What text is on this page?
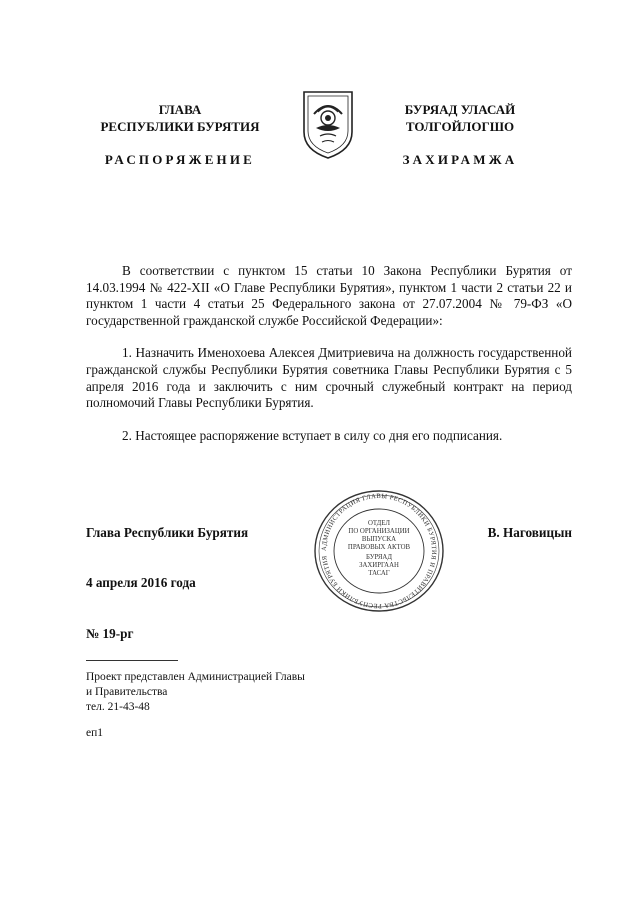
ГЛАВА
РЕСПУБЛИКИ БУРЯТИЯ
РАСПОРЯЖЕНИЕ
БУРЯАД УЛАСАЙ
ТОЛГОЙЛОГШО
ЗАХИРАМЖА

В соответствии с пунктом 15 статьи 10 Закона Республики Бурятия от 14.03.1994 № 422-XII «О Главе Республики Бурятия», пунктом 1 части 2 статьи 22 и пунктом 1 части 4 статьи 25 Федерального закона от 27.07.2004 № 79-ФЗ «О государственной гражданской службе Российской Федерации»:

1. Назначить Именохоева Алексея Дмитриевича на должность государственной гражданской службы Республики Бурятия советника Главы Республики Бурятия с 5 апреля 2016 года и заключить с ним срочный служебный контракт на период полномочий Главы Республики Бурятия.

2. Настоящее распоряжение вступает в силу со дня его подписания.

Глава Республики Бурятия	В. Наговицын
4 апреля 2016 года
№ 19-рг
АДМИНИСТРАЦИЯ ГЛАВЫ РЕСПУБЛИКИ БУРЯТИЯ И ПРАВИТЕЛЬСТВА РЕСПУБЛИКИ БУРЯТИЯ
ОТДЕЛ
ПО ОРГАНИЗАЦИИ
ВЫПУСКА
ПРАВОВЫХ АКТОВ
БУРЯАД
ЗАХИРГААН
ТАСАГ
Проект представлен Администрацией Главы
и Правительства
тел. 21-43-48
еп1
